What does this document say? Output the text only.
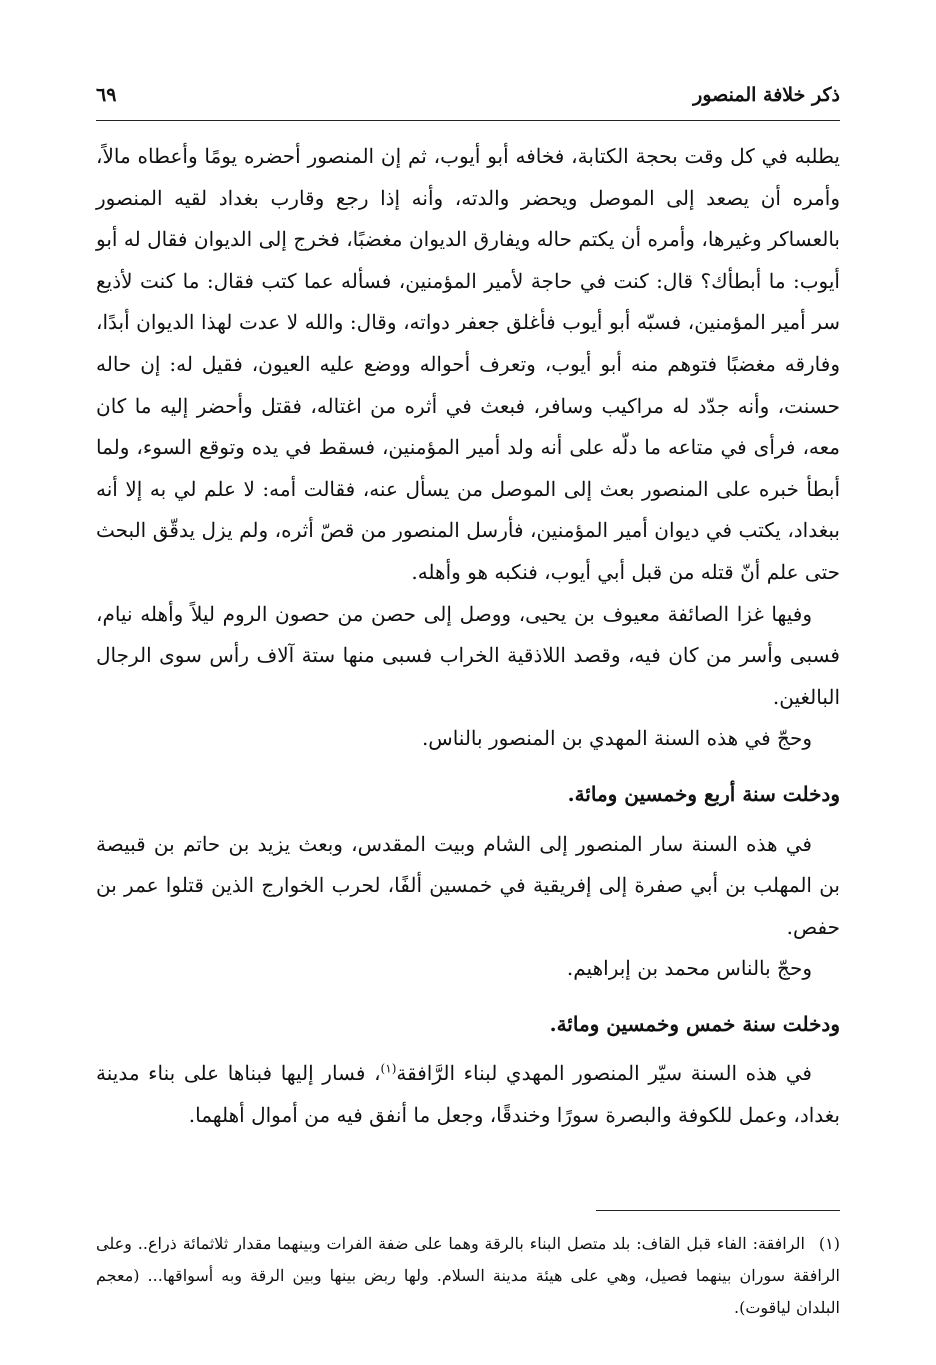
ذكر خلافة المنصور
٦٩

يطلبه في كل وقت بحجة الكتابة، فخافه أبو أيوب، ثم إن المنصور أحضره يومًا وأعطاه مالاً، وأمره أن يصعد إلى الموصل ويحضر والدته، وأنه إذا رجع وقارب بغداد لقيه المنصور بالعساكر وغيرها، وأمره أن يكتم حاله ويفارق الديوان مغضبًا، فخرج إلى الديوان فقال له أبو أيوب: ما أبطأك؟ قال: كنت في حاجة لأمير المؤمنين، فسأله عما كتب فقال: ما كنت لأذيع سر أمير المؤمنين، فسبّه أبو أيوب فأغلق جعفر دواته، وقال: والله لا عدت لهذا الديوان أبدًا، وفارقه مغضبًا فتوهم منه أبو أيوب، وتعرف أحواله ووضع عليه العيون، فقيل له: إن حاله حسنت، وأنه جدّد له مراكيب وسافر، فبعث في أثره من اغتاله، فقتل وأحضر إليه ما كان معه، فرأى في متاعه ما دلّه على أنه ولد أمير المؤمنين، فسقط في يده وتوقع السوء، ولما أبطأ خبره على المنصور بعث إلى الموصل من يسأل عنه، فقالت أمه: لا علم لي به إلا أنه ببغداد، يكتب في ديوان أمير المؤمنين، فأرسل المنصور من قصّ أثره، ولم يزل يدقّق البحث حتى علم أنّ قتله من قبل أبي أيوب، فنكبه هو وأهله.

وفيها غزا الصائفة معيوف بن يحيى، ووصل إلى حصن من حصون الروم ليلاً وأهله نيام، فسبى وأسر من كان فيه، وقصد اللاذقية الخراب فسبى منها ستة آلاف رأس سوى الرجال البالغين.

وحجّ في هذه السنة المهدي بن المنصور بالناس.

ودخلت سنة أربع وخمسين ومائة.

في هذه السنة سار المنصور إلى الشام وبيت المقدس، وبعث يزيد بن حاتم بن قبيصة بن المهلب بن أبي صفرة إلى إفريقية في خمسين ألفًا، لحرب الخوارج الذين قتلوا عمر بن حفص.

وحجّ بالناس محمد بن إبراهيم.

ودخلت سنة خمس وخمسين ومائة.

في هذه السنة سيّر المنصور المهدي لبناء الرَّافقة$^{(١)}$، فسار إليها فبناها على بناء مدينة بغداد، وعمل للكوفة والبصرة سورًا وخندقًا، وجعل ما أنفق فيه من أموال أهلهما.

(١)الرافقة: الفاء قبل القاف: بلد متصل البناء بالرقة وهما على ضفة الفرات وبينهما مقدار ثلاثمائة ذراع.. وعلى الرافقة سوران بينهما فصيل، وهي على هيئة مدينة السلام. ولها ربض بينها وبين الرقة وبه أسواقها... (معجم البلدان لياقوت).
